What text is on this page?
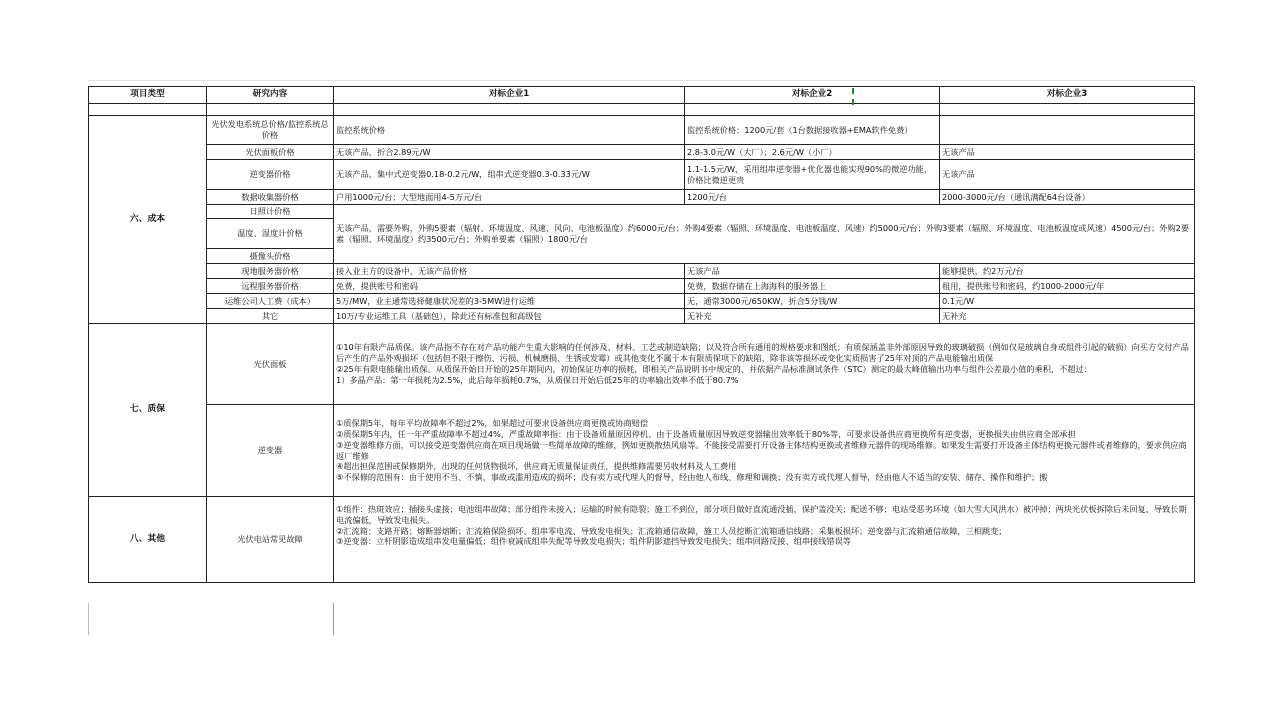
项目类型	研究内容	对标企业1	对标企业2	对标企业3

六、成本	光伏发电系统总价格/监控系统总价格	监控系统价格	监控系统价格：1200元/套（1台数据接收器+EMA软件免费）	
	光伏面板价格	无该产品，折合2.89元/W	2.8-3.0元/W（大厂）；2.6元/W（小厂）	无该产品
	逆变器价格	无该产品，集中式逆变器0.18-0.2元/W，组串式逆变器0.3-0.33元/W	1.1-1.5元/W，采用组串逆变器+优化器也能实现90%的微逆功能，价格比微逆更贵	无该产品
	数据收集器价格	户用1000元/台；大型地面用4-5万元/台	1200元/台	2000-3000元/台（通讯满配64台设备）
	日照计价格	无该产品，需要外购，外购5要素（辐射、环境温度、风速、风向、电池板温度）约6000元/台；外购4要素（辐照、环境温度、电池板温度、风速）约5000元/台；外购3要素（辐照、环境温度、电池板温度或风速）4500元/台；外购2要素（辐照、环境温度）约3500元/台；外购单要素（辐照）1800元/台		
	温度、湿度计价格			
	摄像头价格			
	现地服务器价格	接入业主方的设备中，无该产品价格	无该产品	能够提供，约2万元/台
	远程服务器价格	免费，提供账号和密码	免费，数据存储在上海海科的服务器上	租用，提供账号和密码，约1000-2000元/年
	运维公司人工费（成本）	5万/MW，业主通常选择健康状况差的3-5MW进行运维	无，通常3000元/650KW，折合5分钱/W	0.1元/W
	其它	10万/专业运维工具（基础包），除此还有标准包和高级包	无补充	无补充
七、质保	光伏面板	①10年有限产品质保。该产品指不存在对产品功能产生重大影响的任何涉及、材料、工艺或制造缺陷；以及符合所有通用的规格要求和图纸；有质保涵盖非外部原因导致的玻璃破损（例如仅是玻璃自身或组件引起的破损）向买方交付产品后产生的产品外观损坏（包括但不限于擦伤、污损、机械磨损、生锈或发霉）或其他变化不属于本有限质保项下的缺陷，除非该等损坏或变化实质损害了25年对顶的产品电能输出质保
②25年有限电能输出质保。从质保开始日开始的25年期间内，初始保证功率的损耗，即相关产品说明书中规定的、并依据产品标准测试条件（STC）测定的最大峰值输出功率与组件公差最小值的乘积，不超过：
1）多晶产品：第一年损耗为2.5%，此后每年损耗0.7%，从质保日开始后低25年的功率输出效率不低于80.7%		

	逆变器	①质保期5年，每年平均故障率不超过2%，如果超过可要求设备供应商更换或协商赔偿
②质保期5年内，任一年严重故障率不超过4%，严重故障率指：由于设备质量原因停机、由于设备质量原因导致逆变器输出效率低于80%等，可要求设备供应商更换所有逆变器，更换损失由供应商全部承担
③逆变器维修方面，可以接受逆变器供应商在项目现场做一些简单故障的维修，例如更换散热风扇等。不能接受需要打开设备主体结构更换或者维修元器件的现场维修。如果发生需要打开设备主体结构更换元器件或者维修的，要求供应商返厂维修
④超出担保范围或保修期外，出现的任何货物损坏，供应商无质量保证责任，提供维修需要另收材料及人工费用
⑤不保修的范围有：由于使用不当、不慎、事故或滥用造成的损坏；没有卖方或代理人的督导，经由他人布线、修理和调换；没有卖方或代理人督导，经由他人不适当的安装、储存、操作和维护；搬		

八、其他	光伏电站常见故障	①组件：热斑效应；插接头虚接；电池组串故障；部分组件未接入；运输的时候有隐裂；施工不到位，部分项目做好直流通没插，保护盖没关；配送不够；电站受恶劣环境（如大雪大风洪水）被冲掉；两块光伏板拆除后未回复，导致长期电流偏低，导致发电损失。
②汇流箱：支路开路；熔断器熔断；汇流箱保险损坏、组串零电流、导致发电损失；汇流箱通信故障，施工人员挖断汇流箱通信线路；采集板损坏；逆变器与汇流箱通信故障，三相跳变；
③逆变器：立杆阴影造成组串发电量偏低；组件衰减成组串失配等导致发电损失；组件阴影遮挡导致发电损失；组串回路反接、组串接线错误等		
